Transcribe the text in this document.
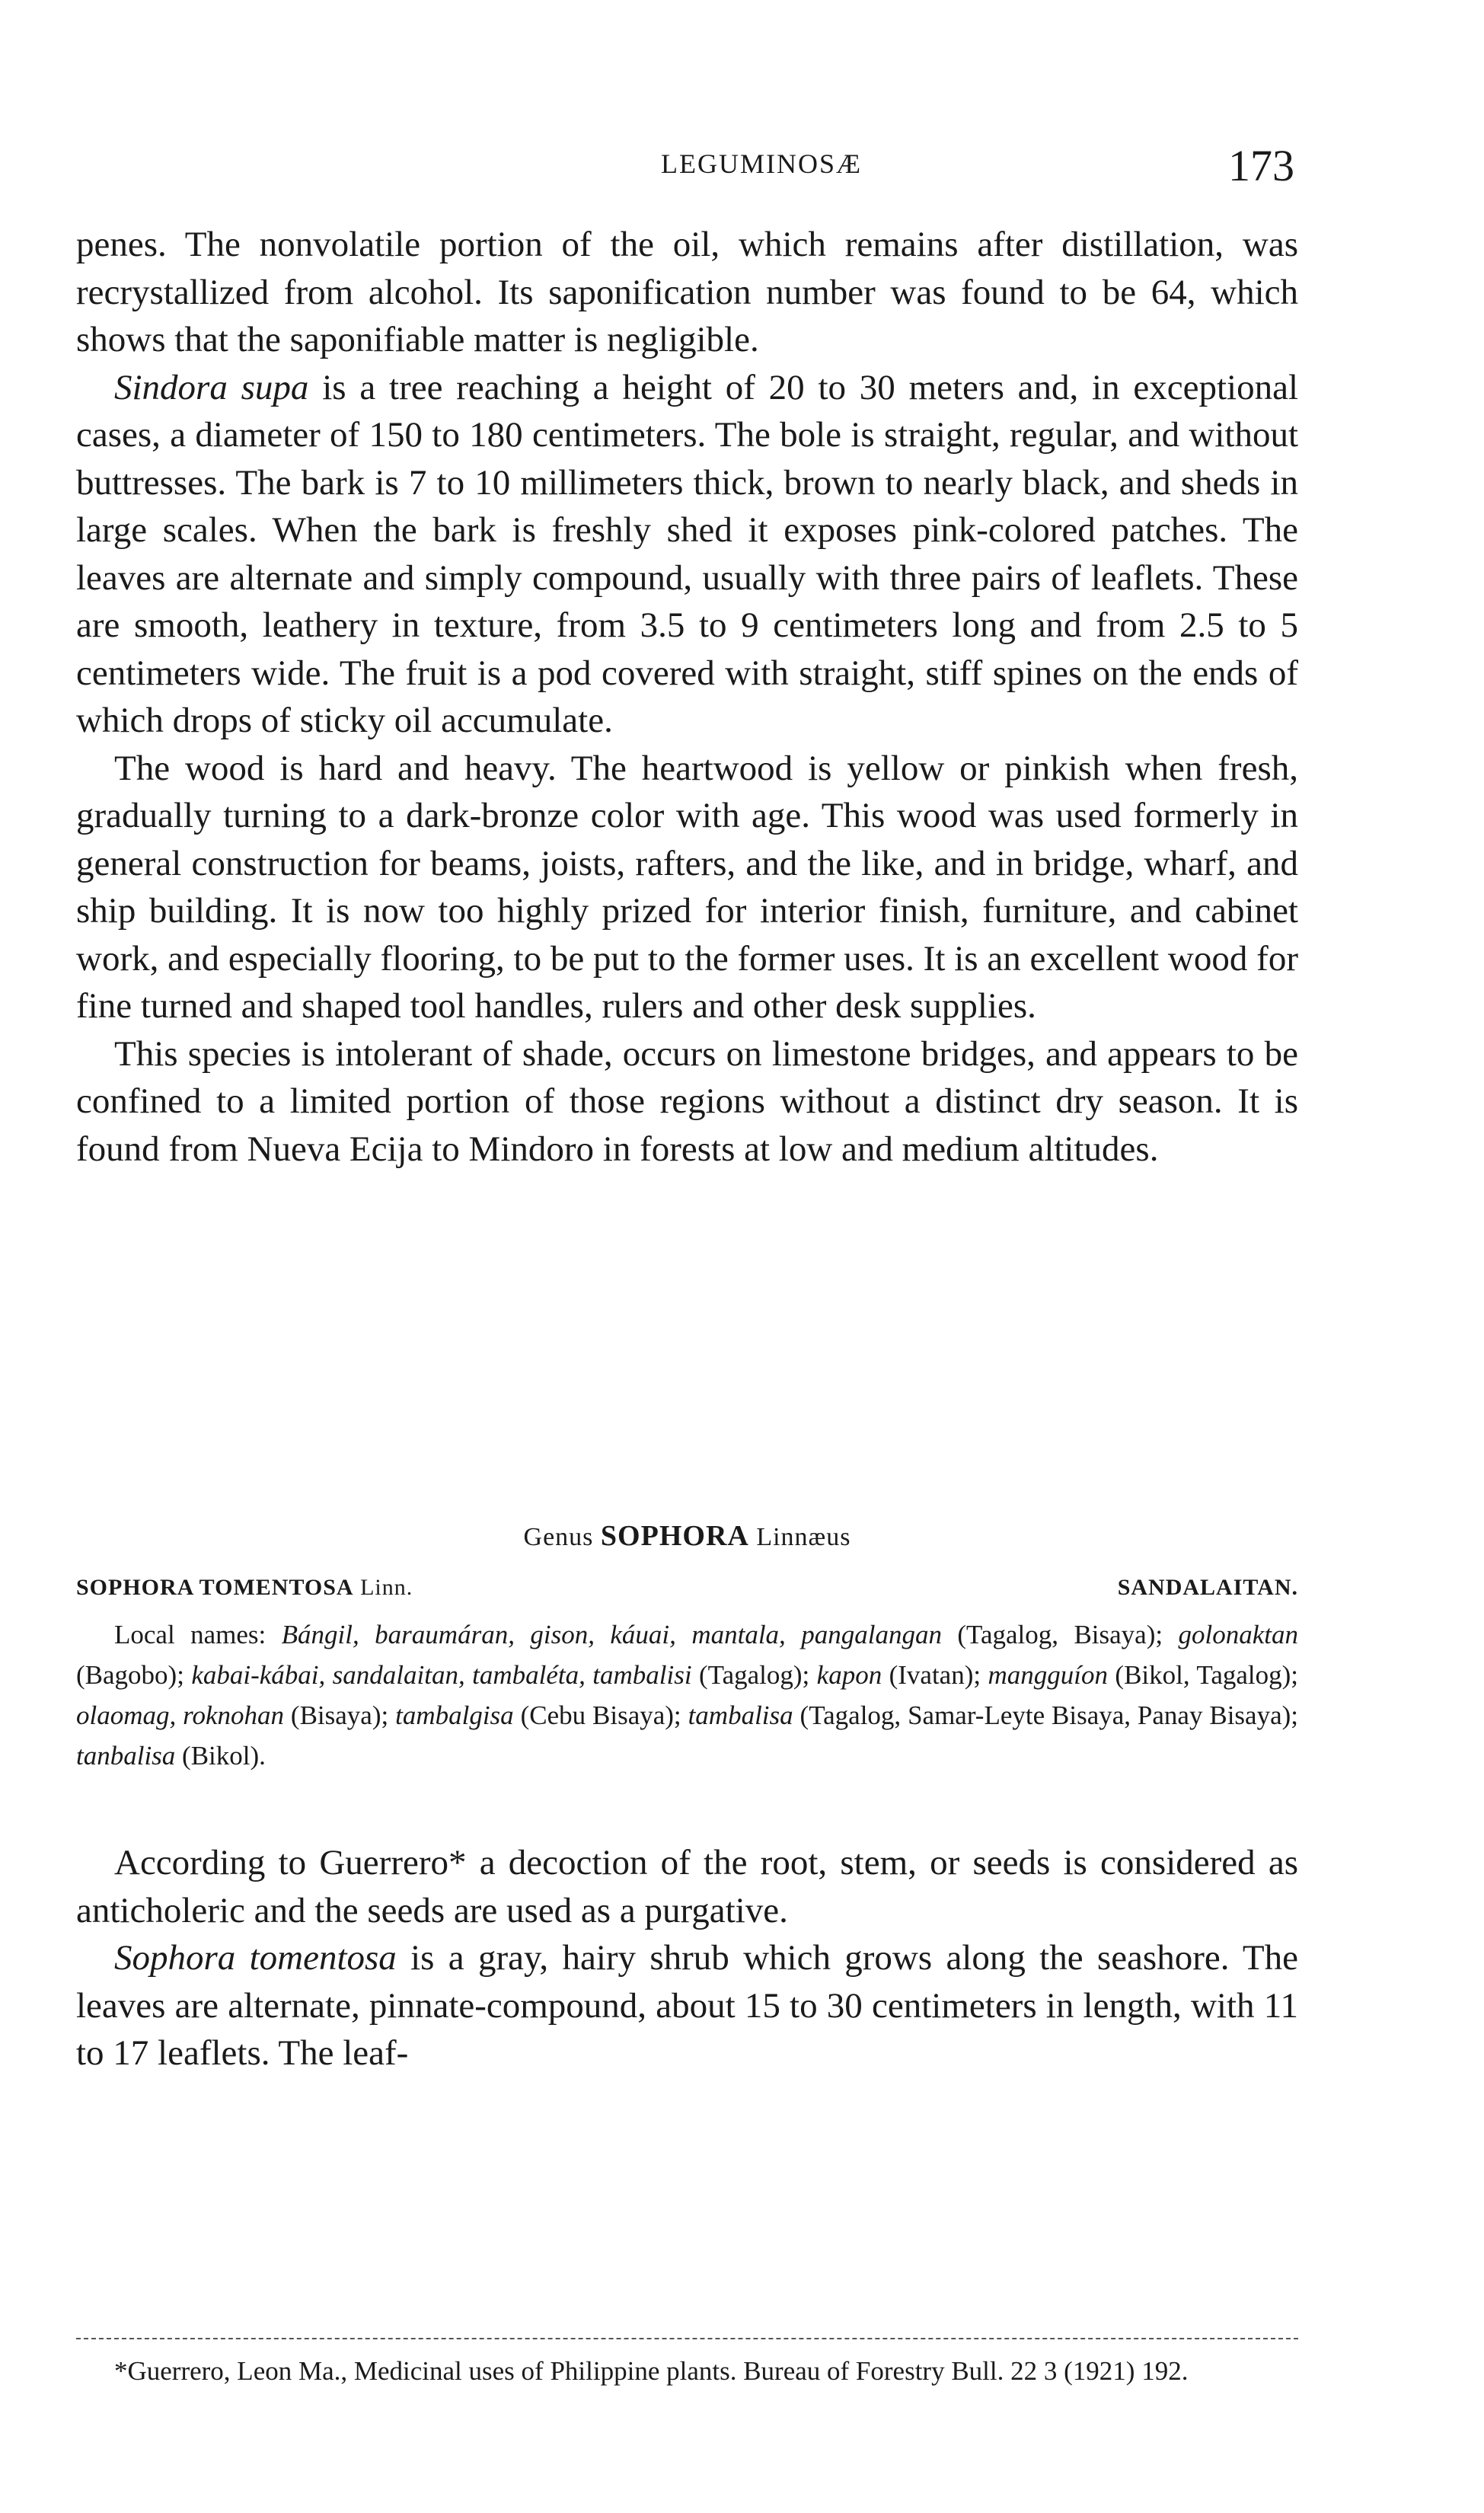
LEGUMINOSÆ	173

penes. The nonvolatile portion of the oil, which remains after distillation, was recrystallized from alcohol. Its saponification number was found to be 64, which shows that the saponifiable matter is negligible.

Sindora supa is a tree reaching a height of 20 to 30 meters and, in exceptional cases, a diameter of 150 to 180 centimeters. The bole is straight, regular, and without buttresses. The bark is 7 to 10 millimeters thick, brown to nearly black, and sheds in large scales. When the bark is freshly shed it exposes pink-colored patches. The leaves are alternate and simply compound, usually with three pairs of leaflets. These are smooth, leathery in texture, from 3.5 to 9 centimeters long and from 2.5 to 5 centimeters wide. The fruit is a pod covered with straight, stiff spines on the ends of which drops of sticky oil accumulate.

The wood is hard and heavy. The heartwood is yellow or pinkish when fresh, gradually turning to a dark-bronze color with age. This wood was used formerly in general construction for beams, joists, rafters, and the like, and in bridge, wharf, and ship building. It is now too highly prized for interior finish, furniture, and cabinet work, and especially flooring, to be put to the former uses. It is an excellent wood for fine turned and shaped tool handles, rulers and other desk supplies.

This species is intolerant of shade, occurs on limestone bridges, and appears to be confined to a limited portion of those regions without a distinct dry season. It is found from Nueva Ecija to Mindoro in forests at low and medium altitudes.

Genus SOPHORA Linnæus
SOPHORA TOMENTOSA Linn.	SANDALAITAN.

Local names: Bángil, baraumáran, gison, káuai, mantala, pangalangan (Tagalog, Bisaya); golonaktan (Bagobo); kabai-kábai, sandalaitan, tambaléta, tambalisi (Tagalog); kapon (Ivatan); mangguíon (Bikol, Tagalog); olaomag, roknohan (Bisaya); tambalgisa (Cebu Bisaya); tambalisa (Tagalog, Samar-Leyte Bisaya, Panay Bisaya); tanbalisa (Bikol).

According to Guerrero* a decoction of the root, stem, or seeds is considered as anticholeric and the seeds are used as a purgative.

Sophora tomentosa is a gray, hairy shrub which grows along the seashore. The leaves are alternate, pinnate-compound, about 15 to 30 centimeters in length, with 11 to 17 leaflets. The leaf-

*Guerrero, Leon Ma., Medicinal uses of Philippine plants. Bureau of Forestry Bull. 22 3 (1921) 192.
